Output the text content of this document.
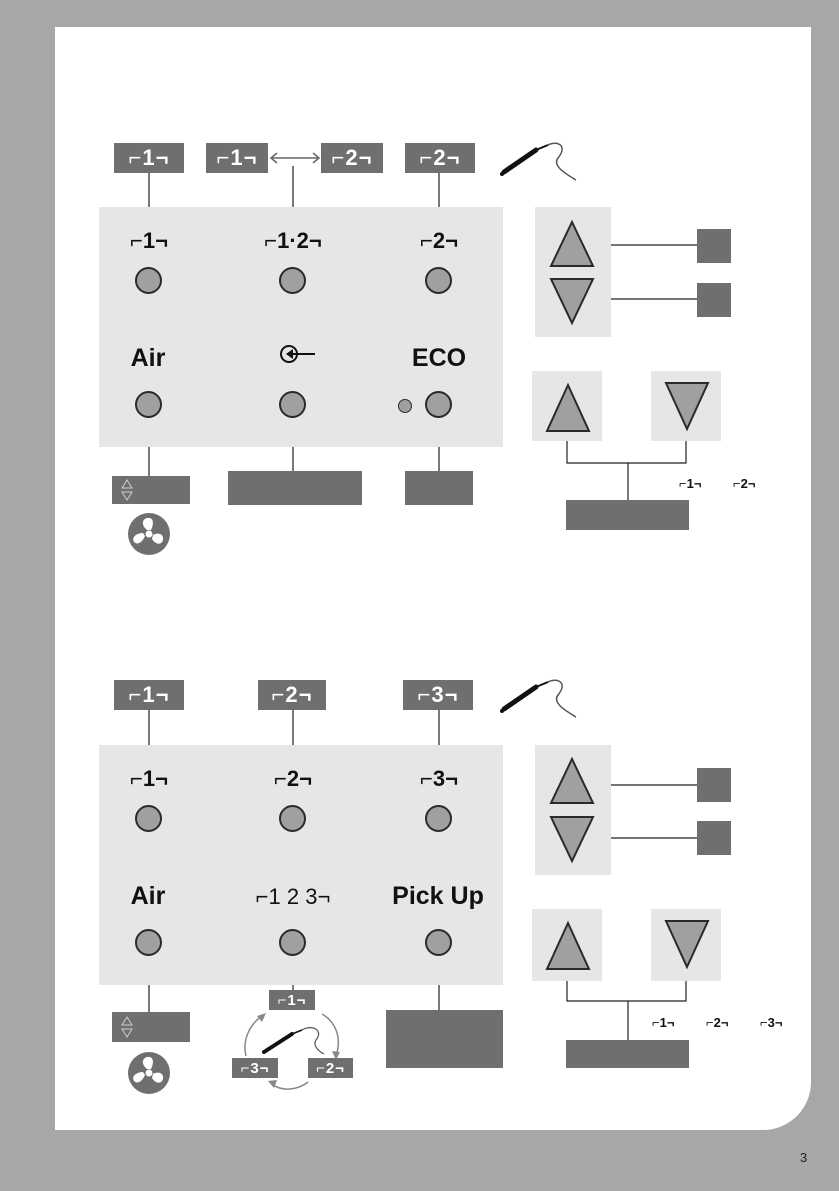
⌐1¬	⌐1¬	⌐2¬	⌐2¬
⌐1¬	⌐1·2¬	⌐2¬
Air	ECO
⌐1¬ ⌐2¬
⌐1¬	⌐2¬	⌐3¬
⌐1¬	⌐2¬	⌐3¬
Air	⌐1 2 3¬	Pick Up
⌐1¬
⌐2¬
⌐3¬
⌐1¬ ⌐2¬ ⌐3¬
3
